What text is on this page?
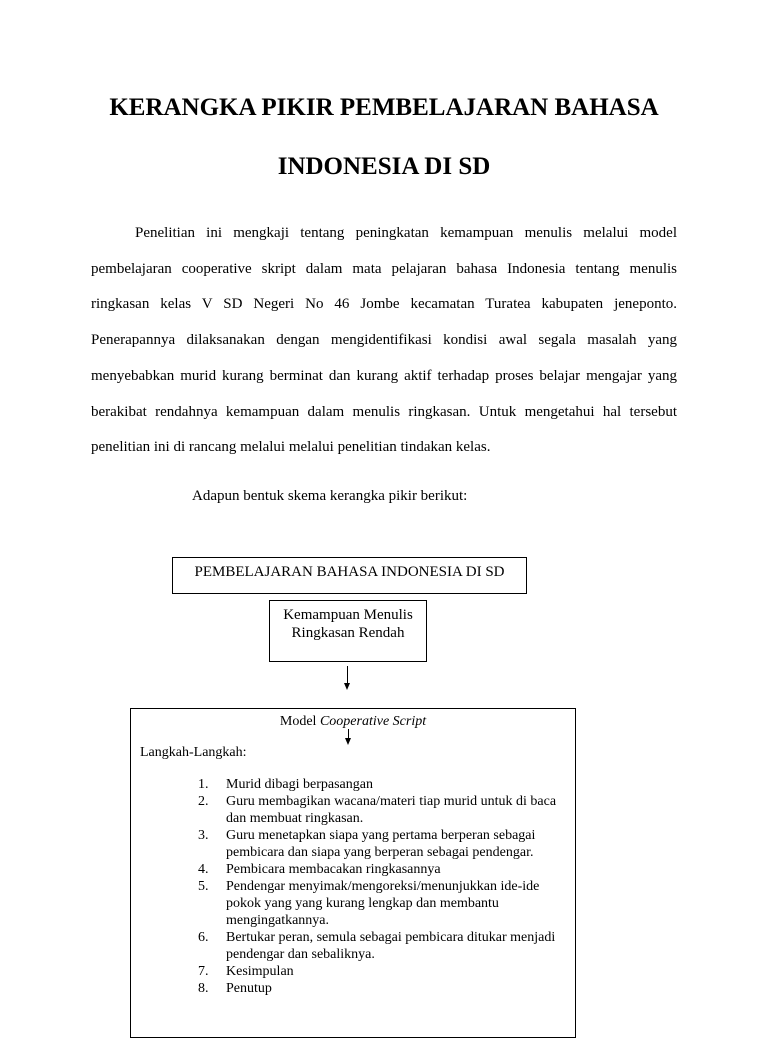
KERANGKA PIKIR PEMBELAJARAN BAHASA
INDONESIA DI SD
Penelitian ini mengkaji tentang peningkatan kemampuan menulis melalui model
pembelajaran cooperative skript dalam mata pelajaran bahasa Indonesia tentang menulis
ringkasan kelas V SD Negeri No 46 Jombe kecamatan Turatea kabupaten jeneponto.
Penerapannya dilaksanakan dengan mengidentifikasi kondisi awal segala masalah yang
menyebabkan murid kurang berminat dan kurang aktif terhadap proses belajar mengajar yang
berakibat rendahnya kemampuan dalam menulis ringkasan. Untuk mengetahui hal tersebut
penelitian ini di rancang melalui melalui penelitian tindakan kelas.

Adapun bentuk skema kerangka pikir berikut:

PEMBELAJARAN BAHASA INDONESIA DI SD
Kemampuan Menulis
Ringkasan Rendah
Model Cooperative Script
Langkah-Langkah:
1. Murid dibagi berpasangan
2. Guru membagikan wacana/materi tiap murid untuk di baca dan membuat ringkasan.
3. Guru menetapkan siapa yang pertama berperan sebagai pembicara dan siapa yang berperan sebagai pendengar.
4. Pembicara membacakan ringkasannya
5. Pendengar menyimak/mengoreksi/menunjukkan ide-ide pokok yang yang kurang lengkap dan membantu mengingatkannya.
6. Bertukar peran, semula sebagai pembicara ditukar menjadi pendengar dan sebaliknya.
7. Kesimpulan
8. Penutup
